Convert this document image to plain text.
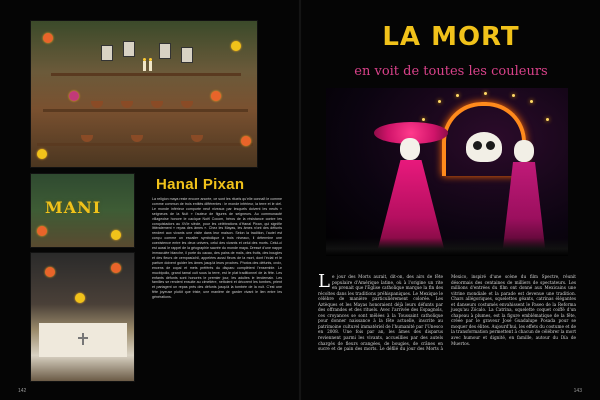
MANI
Hanal Pixan
La religion maya reste encore ancrée, ce sont les rituels qu'elle connaît le comme comme commun de trois entités différentes : le monde inférieur, la terre et le ciel. Le monde inférieur comporte neuf niveaux par lesquels doivent les neufs « seigneurs de la Nuit » l'auteur de figures de seigneurs. Au communauté villageoise honore le cacique Noël Cocom, héros de la résistance contre les conquistadors au XVIe siècle, pour les célébrations d'Hanal Pixan, qui signifie littéralement « repas des âmes ». Chez les Mayas, les âmes n'ont des défunts rendent aux vivants une visite dans leur maison. Selon la tradition, l'autel est conçu comme un escalier symbolique à trois niveaux, il détermine une coexistence entre les deux univers, celui des vivants et celui des morts. Celui-ci est aussi le rappel de la géographie sacrée du monde maya. Dressé d'une nappe immaculée blanche, il porte du cacao, des pains de maïs, des fruits, des bougies et des fleurs de cempasúchil, appelées aussi fleurs de la mort, dont l'éclat et le parfum doivent guider les âmes jusqu'à leurs proches. Photos des défunts, croix, encens de copal et mets préférés du disparu complètent l'ensemble. Le mucbipollo, grand tamal cuit sous la terre, est le plat traditionnel de la fête. Les enfants défunts sont honorés le premier jour, les adultes le lendemain. Les familles se rendent ensuite au cimetière, nettoient et décorent les tombes, prient et partagent un repas près des défunts jusqu'à la tombée de la nuit. C'est une fête joyeuse plutôt que triste, une manière de garder vivant le lien entre les générations.
142
LA MORT
en voit de toutes les couleurs
Le jour des Morts aurait, dit-on, des airs de fête populaire d'Amérique latine, où à l'origine un rite en prenait que l'Église catholique marque la fin des récoltes dans les traditions préhispaniques. Le Mexique le célèbre de manière particulièrement colorée. Les Aztèques et les Mayas honoraient déjà leurs défunts par des offrandes et des rituels. Avec l'arrivée des Espagnols, ces croyances se sont mêlées à la Toussaint catholique pour donner naissance à la fête actuelle, inscrite au patrimoine culturel immatériel de l'humanité par l'Unesco en 2008. Une fois par an, les âmes des disparus reviennent parmi les vivants, accueillies par des autels chargés de fleurs orangées, de bougies, de crânes en sucre et de pain des morts. Le défilé du jour des Morts à Mexico, inspiré d'une scène du film Spectre, réunit désormais des centaines de milliers de spectateurs. Les millions d'entrées du film ont donné aux Mexicains une vitrine mondiale et la parade est devenue une tradition. Chars allégoriques, squelettes géants, catrinas élégantes et danseurs costumés envahissent le Paseo de la Reforma jusqu'au Zócalo. La Catrina, squelette coquet coiffé d'un chapeau à plumes, est la figure emblématique de la fête, créée par le graveur José Guadalupe Posada pour se moquer des élites. Aujourd'hui, les effets du costume et de la transformation permettent à chacun de célébrer la mort avec humour et dignité, en famille, autour du Día de Muertos.
143
